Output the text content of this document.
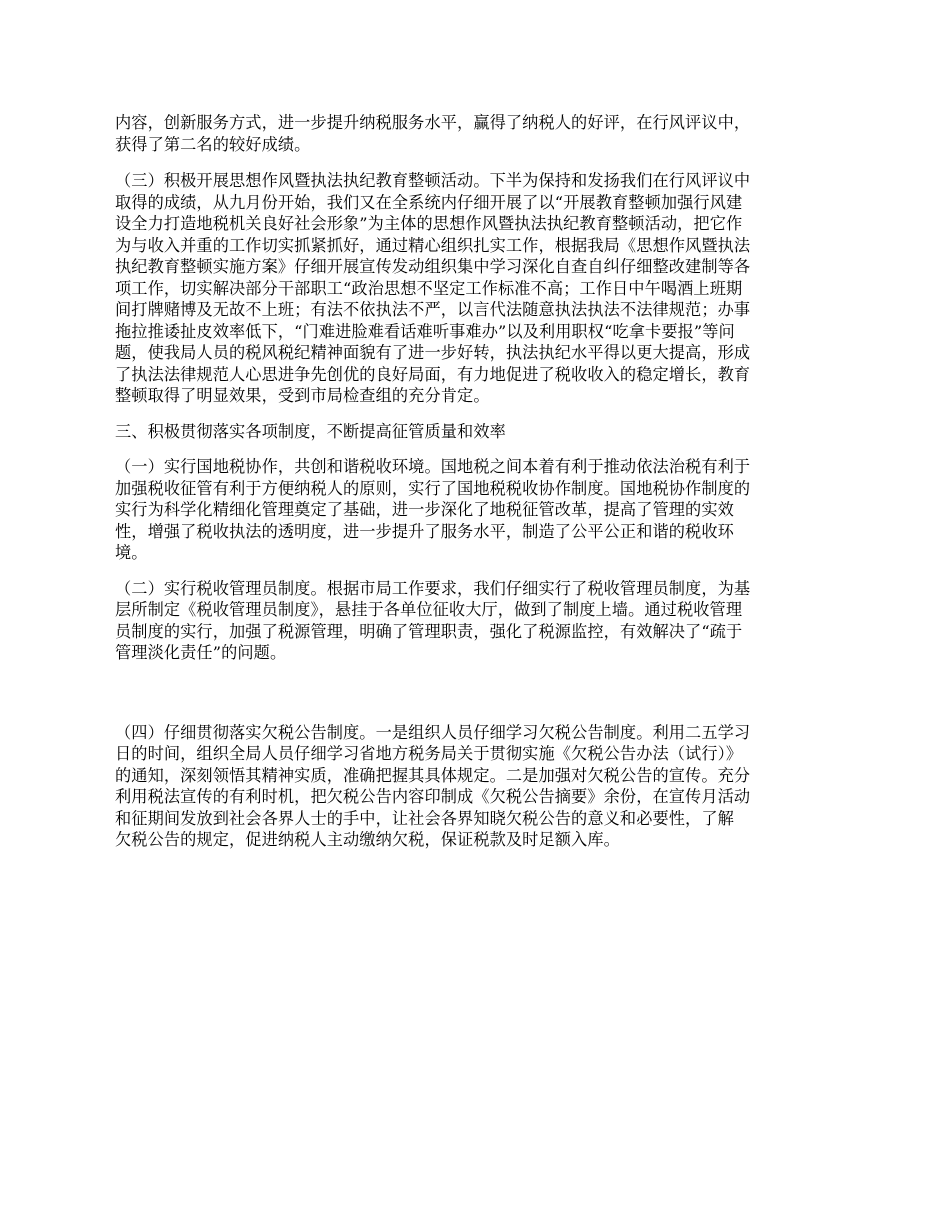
内容，创新服务方式，进一步提升纳税服务水平，赢得了纳税人的好评，在行风评议中，
获得了第二名的较好成绩。

（三）积极开展思想作风暨执法执纪教育整顿活动。下半为保持和发扬我们在行风评议中
取得的成绩，从九月份开始，我们又在全系统内仔细开展了以“开展教育整顿加强行风建
设全力打造地税机关良好社会形象”为主体的思想作风暨执法执纪教育整顿活动，把它作
为与收入并重的工作切实抓紧抓好，通过精心组织扎实工作，根据我局《思想作风暨执法
执纪教育整顿实施方案》仔细开展宣传发动组织集中学习深化自查自纠仔细整改建制等各
项工作，切实解决部分干部职工“政治思想不坚定工作标准不高；工作日中午喝酒上班期
间打牌赌博及无故不上班；有法不依执法不严，以言代法随意执法执法不法律规范；办事
拖拉推诿扯皮效率低下，“门难进脸难看话难听事难办”以及利用职权“吃拿卡要报”等问
题，使我局人员的税风税纪精神面貌有了进一步好转，执法执纪水平得以更大提高，形成
了执法法律规范人心思进争先创优的良好局面，有力地促进了税收收入的稳定增长，教育
整顿取得了明显效果，受到市局检查组的充分肯定。

三、积极贯彻落实各项制度，不断提高征管质量和效率

（一）实行国地税协作，共创和谐税收环境。国地税之间本着有利于推动依法治税有利于
加强税收征管有利于方便纳税人的原则，实行了国地税税收协作制度。国地税协作制度的
实行为科学化精细化管理奠定了基础，进一步深化了地税征管改革，提高了管理的实效
性，增强了税收执法的透明度，进一步提升了服务水平，制造了公平公正和谐的税收环
境。

（二）实行税收管理员制度。根据市局工作要求，我们仔细实行了税收管理员制度，为基
层所制定《税收管理员制度》，悬挂于各单位征收大厅，做到了制度上墙。通过税收管理
员制度的实行，加强了税源管理，明确了管理职责，强化了税源监控，有效解决了“疏于
管理淡化责任”的问题。

（四）仔细贯彻落实欠税公告制度。一是组织人员仔细学习欠税公告制度。利用二五学习
日的时间，组织全局人员仔细学习省地方税务局关于贯彻实施《欠税公告办法（试行）》
的通知，深刻领悟其精神实质，准确把握其具体规定。二是加强对欠税公告的宣传。充分
利用税法宣传的有利时机，把欠税公告内容印制成《欠税公告摘要》余份，在宣传月活动
和征期间发放到社会各界人士的手中，让社会各界知晓欠税公告的意义和必要性，了解
欠税公告的规定，促进纳税人主动缴纳欠税，保证税款及时足额入库。
